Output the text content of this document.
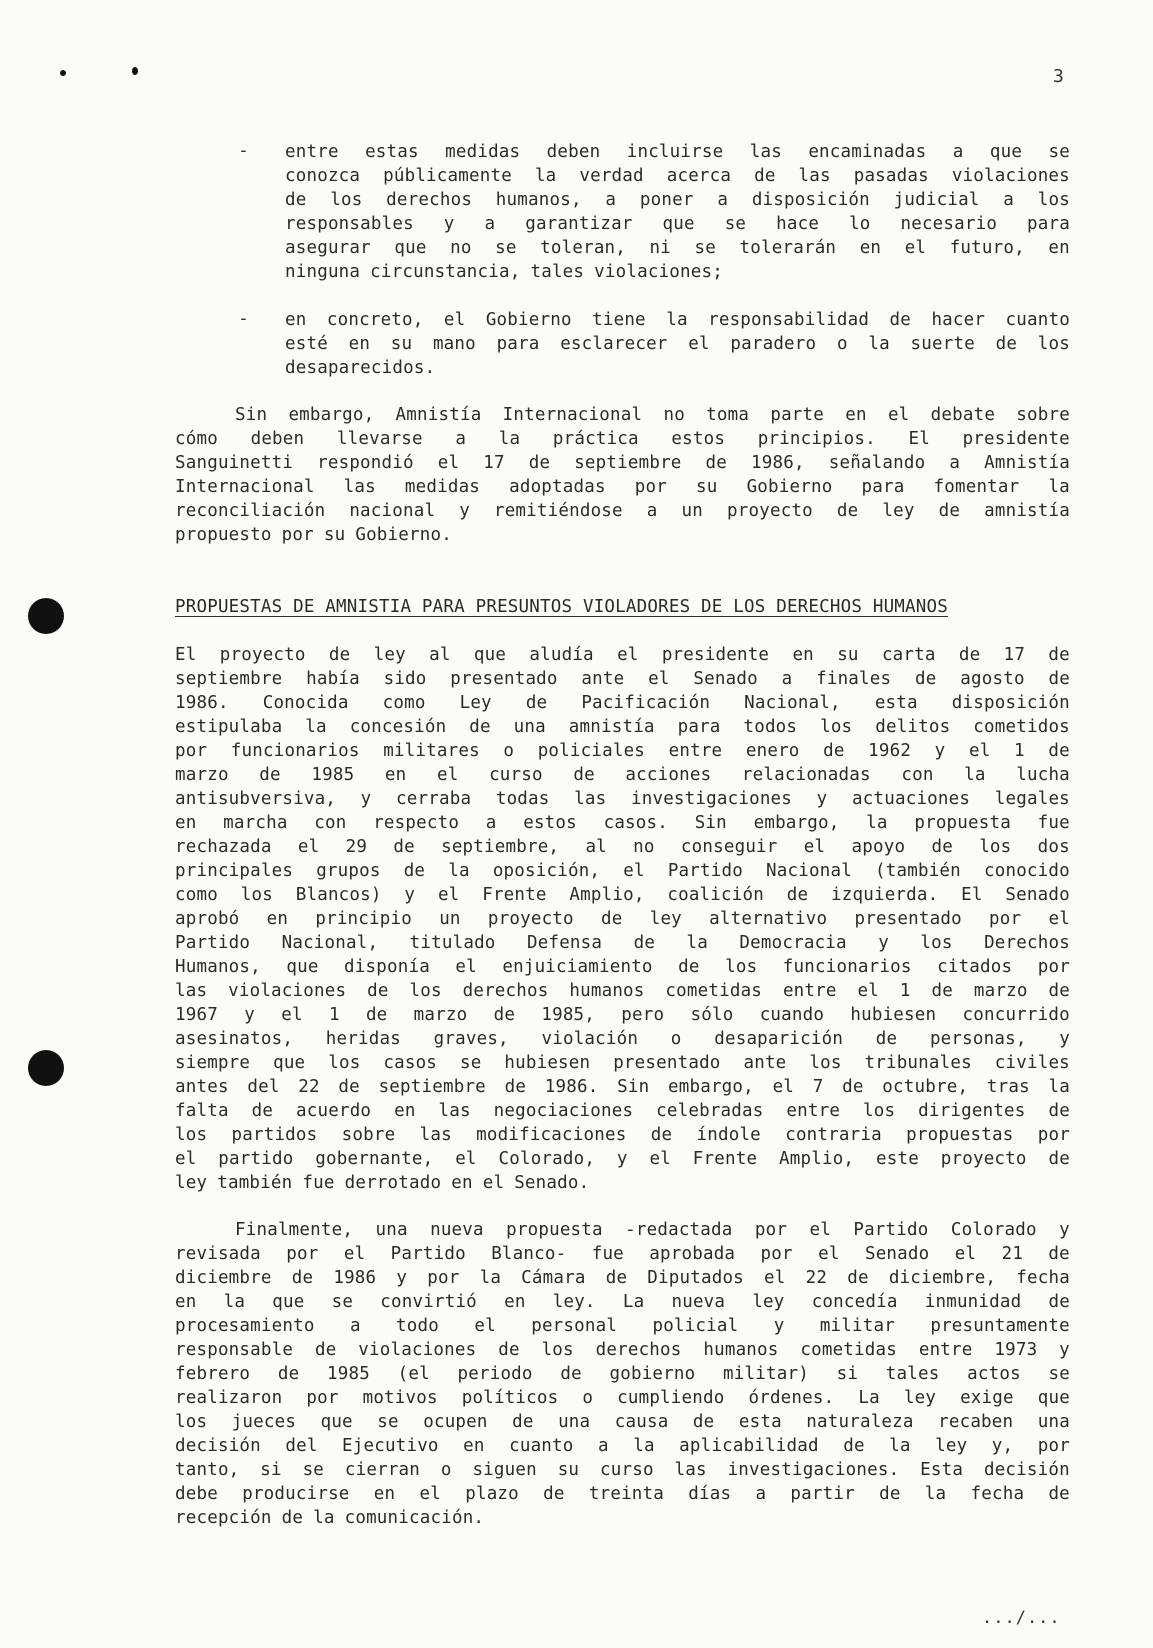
3
- entre estas medidas deben incluirse las encaminadas a que se
conozca públicamente la verdad acerca de las pasadas violaciones
de los derechos humanos, a poner a disposición judicial a los
responsables y a garantizar que se hace lo necesario para
asegurar que no se toleran, ni se tolerarán en el futuro, en
ninguna circunstancia, tales violaciones;
- en concreto, el Gobierno tiene la responsabilidad de hacer cuanto
esté en su mano para esclarecer el paradero o la suerte de los
desaparecidos.
Sin embargo, Amnistía Internacional no toma parte en el debate sobre
cómo deben llevarse a la práctica estos principios. El presidente
Sanguinetti respondió el 17 de septiembre de 1986, señalando a Amnistía
Internacional las medidas adoptadas por su Gobierno para fomentar la
reconciliación nacional y remitiéndose a un proyecto de ley de amnistía
propuesto por su Gobierno.
PROPUESTAS DE AMNISTIA PARA PRESUNTOS VIOLADORES DE LOS DERECHOS HUMANOS
El proyecto de ley al que aludía el presidente en su carta de 17 de
septiembre había sido presentado ante el Senado a finales de agosto de
1986. Conocida como Ley de Pacificación Nacional, esta disposición
estipulaba la concesión de una amnistía para todos los delitos cometidos
por funcionarios militares o policiales entre enero de 1962 y el 1 de
marzo de 1985 en el curso de acciones relacionadas con la lucha
antisubversiva, y cerraba todas las investigaciones y actuaciones legales
en marcha con respecto a estos casos. Sin embargo, la propuesta fue
rechazada el 29 de septiembre, al no conseguir el apoyo de los dos
principales grupos de la oposición, el Partido Nacional (también conocido
como los Blancos) y el Frente Amplio, coalición de izquierda. El Senado
aprobó en principio un proyecto de ley alternativo presentado por el
Partido Nacional, titulado Defensa de la Democracia y los Derechos
Humanos, que disponía el enjuiciamiento de los funcionarios citados por
las violaciones de los derechos humanos cometidas entre el 1 de marzo de
1967 y el 1 de marzo de 1985, pero sólo cuando hubiesen concurrido
asesinatos, heridas graves, violación o desaparición de personas, y
siempre que los casos se hubiesen presentado ante los tribunales civiles
antes del 22 de septiembre de 1986. Sin embargo, el 7 de octubre, tras la
falta de acuerdo en las negociaciones celebradas entre los dirigentes de
los partidos sobre las modificaciones de índole contraria propuestas por
el partido gobernante, el Colorado, y el Frente Amplio, este proyecto de
ley también fue derrotado en el Senado.
Finalmente, una nueva propuesta -redactada por el Partido Colorado y
revisada por el Partido Blanco- fue aprobada por el Senado el 21 de
diciembre de 1986 y por la Cámara de Diputados el 22 de diciembre, fecha
en la que se convirtió en ley. La nueva ley concedía inmunidad de
procesamiento a todo el personal policial y militar presuntamente
responsable de violaciones de los derechos humanos cometidas entre 1973 y
febrero de 1985 (el periodo de gobierno militar) si tales actos se
realizaron por motivos políticos o cumpliendo órdenes. La ley exige que
los jueces que se ocupen de una causa de esta naturaleza recaben una
decisión del Ejecutivo en cuanto a la aplicabilidad de la ley y, por
tanto, si se cierran o siguen su curso las investigaciones. Esta decisión
debe producirse en el plazo de treinta días a partir de la fecha de
recepción de la comunicación.
.../...
